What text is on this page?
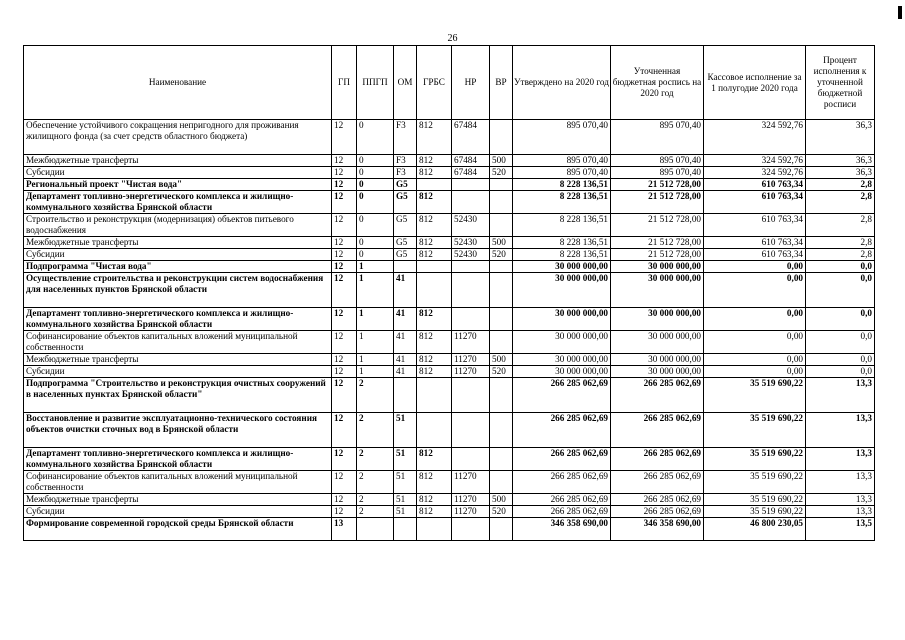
26
Наименование	ГП	ППГП	ОМ	ГРБС	НР	ВР	Утверждено на 2020 год	Уточненная бюджетная роспись на 2020 год	Кассовое исполнение за 1 полугодие 2020 года	Процент исполнения к уточненной бюджетной росписи
Обеспечение устойчивого сокращения непригодного для проживания жилищного фонда (за счет средств областного бюджета)	12	0	F3	812	67484		895 070,40	895 070,40	324 592,76	36,3
Межбюджетные трансферты	12	0	F3	812	67484	500	895 070,40	895 070,40	324 592,76	36,3
Субсидии	12	0	F3	812	67484	520	895 070,40	895 070,40	324 592,76	36,3
Региональный проект "Чистая вода"	12	0	G5				8 228 136,51	21 512 728,00	610 763,34	2,8
Департамент топливно-энергетического комплекса и жилищно-коммунального хозяйства Брянской области	12	0	G5	812			8 228 136,51	21 512 728,00	610 763,34	2,8
Строительство и реконструкция (модернизация) объектов питьевого водоснабжения	12	0	G5	812	52430		8 228 136,51	21 512 728,00	610 763,34	2,8
Межбюджетные трансферты	12	0	G5	812	52430	500	8 228 136,51	21 512 728,00	610 763,34	2,8
Субсидии	12	0	G5	812	52430	520	8 228 136,51	21 512 728,00	610 763,34	2,8
Подпрограмма "Чистая вода"	12	1					30 000 000,00	30 000 000,00	0,00	0,0
Осуществление строительства и реконструкции систем водоснабжения для населенных пунктов Брянской области	12	1	41				30 000 000,00	30 000 000,00	0,00	0,0
Департамент топливно-энергетического комплекса и жилищно-коммунального хозяйства Брянской области	12	1	41	812			30 000 000,00	30 000 000,00	0,00	0,0
Софинансирование объектов капитальных вложений муниципальной собственности	12	1	41	812	11270		30 000 000,00	30 000 000,00	0,00	0,0
Межбюджетные трансферты	12	1	41	812	11270	500	30 000 000,00	30 000 000,00	0,00	0,0
Субсидии	12	1	41	812	11270	520	30 000 000,00	30 000 000,00	0,00	0,0
Подпрограмма "Строительство и реконструкция очистных сооружений в населенных пунктах Брянской области"	12	2					266 285 062,69	266 285 062,69	35 519 690,22	13,3
Восстановление и развитие эксплуатационно-технического состояния объектов очистки сточных вод в Брянской области	12	2	51				266 285 062,69	266 285 062,69	35 519 690,22	13,3
Департамент топливно-энергетического комплекса и жилищно-коммунального хозяйства Брянской области	12	2	51	812			266 285 062,69	266 285 062,69	35 519 690,22	13,3
Софинансирование объектов капитальных вложений муниципальной собственности	12	2	51	812	11270		266 285 062,69	266 285 062,69	35 519 690,22	13,3
Межбюджетные трансферты	12	2	51	812	11270	500	266 285 062,69	266 285 062,69	35 519 690,22	13,3
Субсидии	12	2	51	812	11270	520	266 285 062,69	266 285 062,69	35 519 690,22	13,3
Формирование современной городской среды Брянской области	13						346 358 690,00	346 358 690,00	46 800 230,05	13,5
